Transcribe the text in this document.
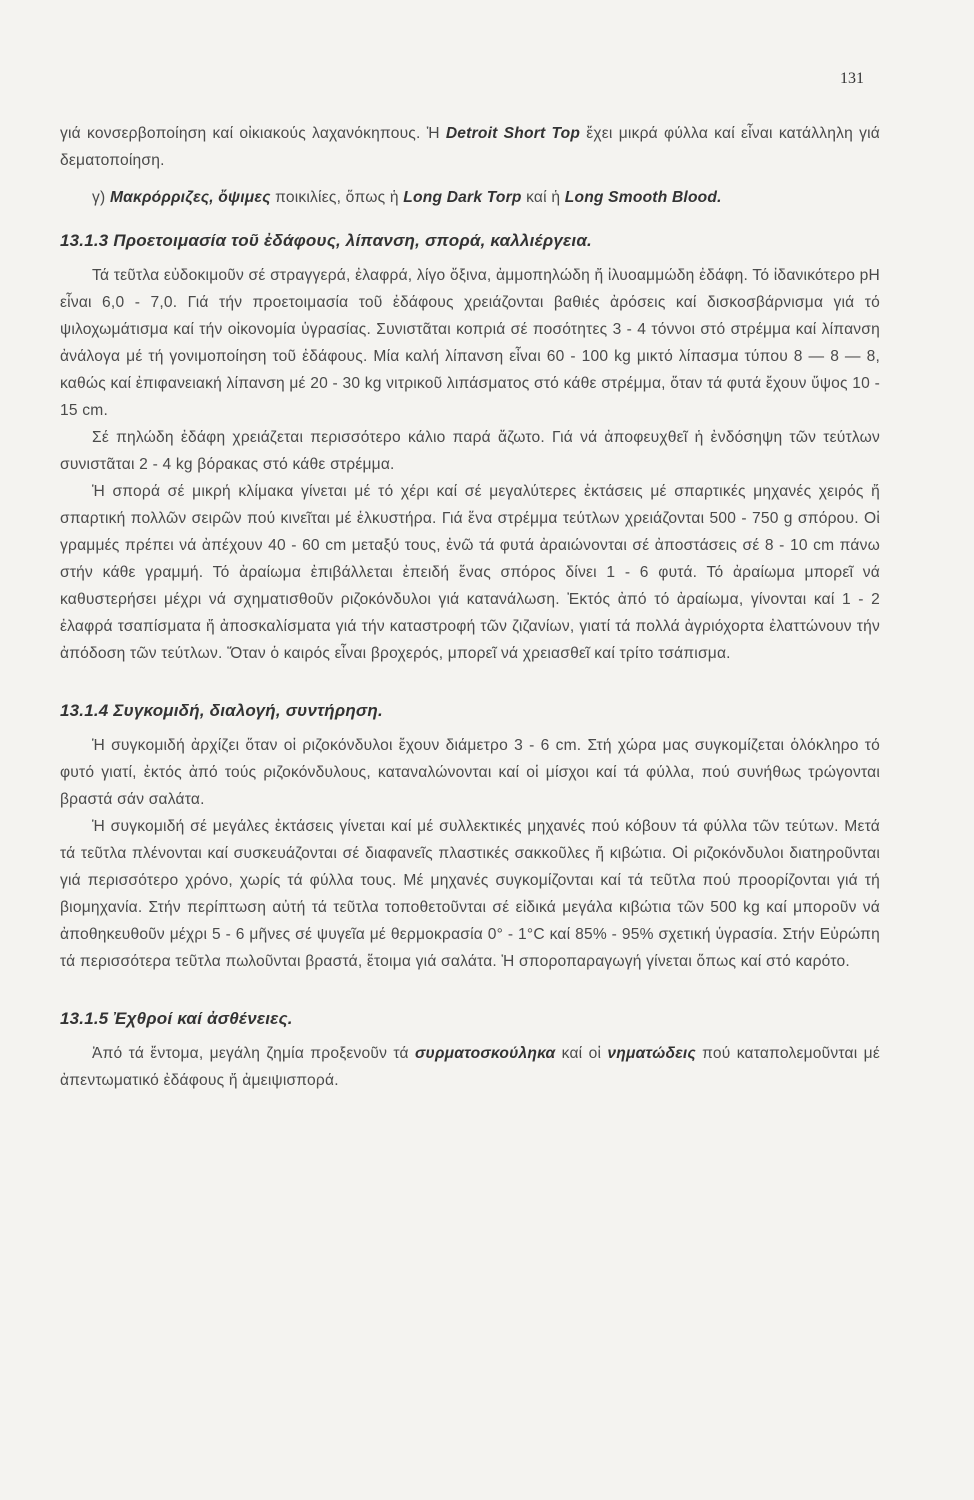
131

γιά κονσερβοποίηση καί οἰκιακούς λαχανόκηπους. Ἡ Detroit Short Top ἔχει μικρά φύλλα καί εἶναι κατάλληλη γιά δεματοποίηση.

γ) Μακρόρριζες, ὄψιμες ποικιλίες, ὅπως ἡ Long Dark Torp καί ἡ Long Smooth Blood.

13.1.3 Προετοιμασία τοῦ ἐδάφους, λίπανση, σπορά, καλλιέργεια.

Τά τεῦτλα εὐδοκιμοῦν σέ στραγγερά, ἐλαφρά, λίγο ὄξινα, ἀμμοπηλώδη ἤ ἰλυοαμμώδη ἐδάφη. Τό ἰδανικότερο pH εἶναι 6,0 - 7,0. Γιά τήν προετοιμασία τοῦ ἐδάφους χρειάζονται βαθιές ἀρόσεις καί δισκοσβάρνισμα γιά τό ψιλοχωμάτισμα καί τήν οἰκονομία ὑγρασίας. Συνιστᾶται κοπριά σέ ποσότητες 3 - 4 τόννοι στό στρέμμα καί λίπανση ἀνάλογα μέ τή γονιμοποίηση τοῦ ἐδάφους. Μία καλή λίπανση εἶναι 60 - 100 kg μικτό λίπασμα τύπου 8 — 8 — 8, καθώς καί ἐπιφανειακή λίπανση μέ 20 - 30 kg νιτρικοῦ λιπάσματος στό κάθε στρέμμα, ὅταν τά φυτά ἔχουν ὕψος 10 - 15 cm.

Σέ πηλώδη ἐδάφη χρειάζεται περισσότερο κάλιο παρά ἄζωτο. Γιά νά ἀποφευχθεῖ ἡ ἐνδόσηψη τῶν τεύτλων συνιστᾶται 2 - 4 kg βόρακας στό κάθε στρέμμα.

Ἡ σπορά σέ μικρή κλίμακα γίνεται μέ τό χέρι καί σέ μεγαλύτερες ἐκτάσεις μέ σπαρτικές μηχανές χειρός ἤ σπαρτική πολλῶν σειρῶν πού κινεῖται μέ ἑλκυστήρα. Γιά ἕνα στρέμμα τεύτλων χρειάζονται 500 - 750 g σπόρου. Οἱ γραμμές πρέπει νά ἀπέχουν 40 - 60 cm μεταξύ τους, ἐνῶ τά φυτά ἀραιώνονται σέ ἀποστάσεις σέ 8 - 10 cm πάνω στήν κάθε γραμμή. Τό ἀραίωμα ἐπιβάλλεται ἐπειδή ἕνας σπόρος δίνει 1 - 6 φυτά. Τό ἀραίωμα μπορεῖ νά καθυστερήσει μέχρι νά σχηματισθοῦν ριζοκόνδυλοι γιά κατανάλωση. Ἐκτός ἀπό τό ἀραίωμα, γίνονται καί 1 - 2 ἐλαφρά τσαπίσματα ἤ ἀποσκαλίσματα γιά τήν καταστροφή τῶν ζιζανίων, γιατί τά πολλά ἀγριόχορτα ἐλαττώνουν τήν ἀπόδοση τῶν τεύτλων. Ὅταν ὁ καιρός εἶναι βροχερός, μπορεῖ νά χρειασθεῖ καί τρίτο τσάπισμα.

13.1.4 Συγκομιδή, διαλογή, συντήρηση.

Ἡ συγκομιδή ἀρχίζει ὅταν οἱ ριζοκόνδυλοι ἔχουν διάμετρο 3 - 6 cm. Στή χώρα μας συγκομίζεται ὁλόκληρο τό φυτό γιατί, ἐκτός ἀπό τούς ριζοκόνδυλους, καταναλώνονται καί οἱ μίσχοι καί τά φύλλα, πού συνήθως τρώγονται βραστά σάν σαλάτα.

Ἡ συγκομιδή σέ μεγάλες ἐκτάσεις γίνεται καί μέ συλλεκτικές μηχανές πού κόβουν τά φύλλα τῶν τεύτων. Μετά τά τεῦτλα πλένονται καί συσκευάζονται σέ διαφανεῖς πλαστικές σακκοῦλες ἤ κιβώτια. Οἱ ριζοκόνδυλοι διατηροῦνται γιά περισσότερο χρόνο, χωρίς τά φύλλα τους. Μέ μηχανές συγκομίζονται καί τά τεῦτλα πού προορίζονται γιά τή βιομηχανία. Στήν περίπτωση αὐτή τά τεῦτλα τοποθετοῦνται σέ εἰδικά μεγάλα κιβώτια τῶν 500 kg καί μποροῦν νά ἀποθηκευθοῦν μέχρι 5 - 6 μῆνες σέ ψυγεῖα μέ θερμοκρασία 0° - 1°C καί 85% - 95% σχετική ὑγρασία. Στήν Εὐρώπη τά περισσότερα τεῦτλα πωλοῦνται βραστά, ἕτοιμα γιά σαλάτα. Ἡ σποροπαραγωγή γίνεται ὅπως καί στό καρότο.

13.1.5 Ἐχθροί καί ἀσθένειες.

Ἀπό τά ἔντομα, μεγάλη ζημία προξενοῦν τά συρματοσκούληκα καί οἱ νηματώδεις πού καταπολεμοῦνται μέ ἀπεντωματικό ἐδάφους ἤ ἀμειψισπορά.
